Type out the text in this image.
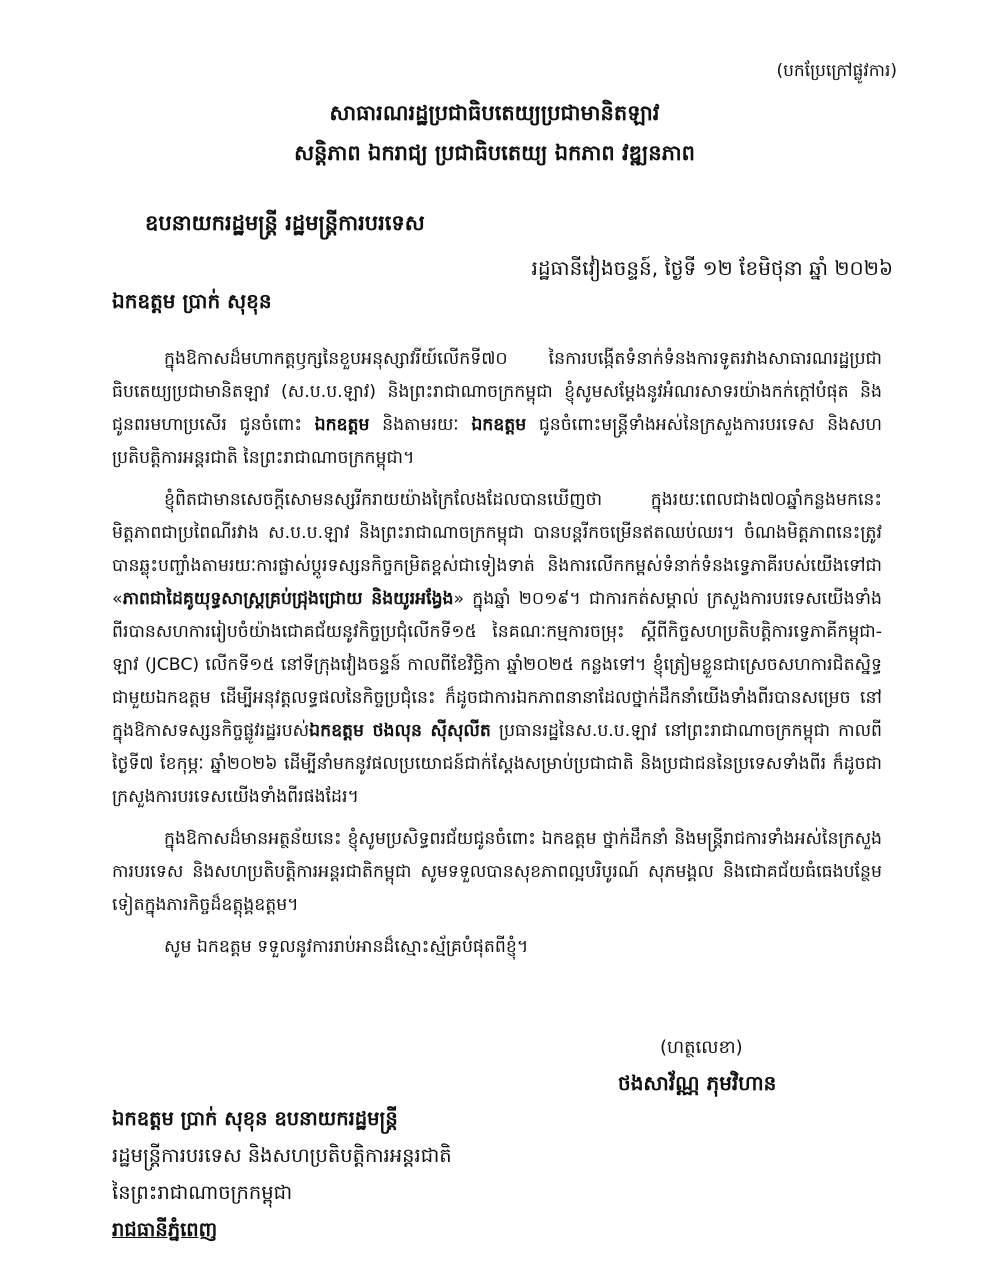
(បកប្រែក្រៅផ្លូវការ)
សាធារណរដ្ឋប្រជាធិបតេយ្យប្រជាមានិតឡាវ
សន្តិភាព ឯករាជ្យ ប្រជាធិបតេយ្យ ឯកភាព វឌ្ឍនភាព
ឧបនាយករដ្ឋមន្ត្រី រដ្ឋមន្ត្រីការបរទេស
រដ្ឋធានីវៀងចន្ទន៍, ថ្ងៃទី ១២ ខែមិថុនា ឆ្នាំ ២០២៦
ឯកឧត្តម ប្រាក់ សុខុន

ក្នុងឱកាសដ៏មហាកត្តឫក្សនៃខួបអនុស្សាវរីយ៍លើកទី៧០ នៃការបង្កើតទំនាក់ទំនងការទូតរវាងសាធារណរដ្ឋប្រជាធិបតេយ្យប្រជាមានិតឡាវ (ស.ប.ប.ឡាវ) និងព្រះរាជាណាចក្រកម្ពុជា ខ្ញុំសូមសម្តែងនូវអំណរសាទរយ៉ាងកក់ក្តៅបំផុត និងជូនពរមហាប្រសើរ ជូនចំពោះ ឯកឧត្តម និងតាមរយៈ ឯកឧត្តម ជូនចំពោះមន្ត្រីទាំងអស់នៃក្រសួងការបរទេស និងសហប្រតិបត្តិការអន្តរជាតិ នៃព្រះរាជាណាចក្រកម្ពុជា។

ខ្ញុំពិតជាមានសេចក្តីសោមនស្សរីករាយយ៉ាងក្រៃលែងដែលបានឃើញថា ក្នុងរយៈពេលជាង៧០ឆ្នាំកន្លងមកនេះ មិត្តភាពជាប្រពៃណីរវាង ស.ប.ប.ឡាវ និងព្រះរាជាណាចក្រកម្ពុជា បានបន្តរីកចម្រើនឥតឈប់ឈរ។ ចំណងមិត្តភាពនេះត្រូវបានឆ្លុះបញ្ចាំងតាមរយៈការផ្លាស់ប្តូរទស្សនកិច្ចកម្រិតខ្ពស់ជាទៀងទាត់ និងការលើកកម្ពស់ទំនាក់ទំនងទ្វេភាគីរបស់យើងទៅជា «ភាពជាដៃគូយុទ្ធសាស្ត្រគ្រប់ជ្រុងជ្រោយ និងយូរអង្វែង» ក្នុងឆ្នាំ ២០១៩។ ជាការកត់សម្គាល់ ក្រសួងការបរទេសយើងទាំងពីរបានសហការរៀបចំយ៉ាងជោគជ័យនូវកិច្ចប្រជុំលើកទី១៥ នៃគណៈកម្មការចម្រុះ ស្តីពីកិច្ចសហប្រតិបត្តិការទ្វេភាគីកម្ពុជា-ឡាវ (JCBC) លើកទី១៥ នៅទីក្រុងវៀងចន្ទន៍ កាលពីខែវិច្ឆិកា ឆ្នាំ២០២៥ កន្លងទៅ។ ខ្ញុំត្រៀមខ្លួនជាស្រេចសហការជិតស្និទ្ធជាមួយឯកឧត្តម ដើម្បីអនុវត្តលទ្ធផលនៃកិច្ចប្រជុំនេះ ក៏ដូចជាការឯកភាពនានាដែលថ្នាក់ដឹកនាំយើងទាំងពីរបានសម្រេច នៅក្នុងឱកាសទស្សនកិច្ចផ្លូវរដ្ឋរបស់ឯកឧត្តម ថងលុន ស៊ីសុលីត ប្រធានរដ្ឋនៃស.ប.ប.ឡាវ នៅព្រះរាជាណាចក្រកម្ពុជា កាលពីថ្ងៃទី៧ ខែកុម្ភៈ ឆ្នាំ២០២៦ ដើម្បីនាំមកនូវផលប្រយោជន៍ជាក់ស្តែងសម្រាប់ប្រជាជាតិ និងប្រជាជននៃប្រទេសទាំងពីរ ក៏ដូចជាក្រសួងការបរទេសយើងទាំងពីរផងដែរ។

ក្នុងឱកាសដ៏មានអត្ថន័យនេះ ខ្ញុំសូមប្រសិទ្ធពរជ័យជូនចំពោះ ឯកឧត្តម ថ្នាក់ដឹកនាំ និងមន្ត្រីរាជការទាំងអស់នៃក្រសួងការបរទេស និងសហប្រតិបត្តិការអន្តរជាតិកម្ពុជា សូមទទួលបានសុខភាពល្អបរិបូរណ៍ សុភមង្គល និងជោគជ័យធំធេងបន្ថែមទៀតក្នុងភារកិច្ចដ៏ឧត្តុង្គឧត្តម។

សូម ឯកឧត្តម ទទួលនូវការរាប់អានដ៏ស្មោះស្ម័គ្របំផុតពីខ្ញុំ។

(ហត្ថលេខា)
ថងសាវ័ណ្ណ ភុមវិហាន
ឯកឧត្តម ប្រាក់ សុខុន ឧបនាយករដ្ឋមន្ត្រី
រដ្ឋមន្ត្រីការបរទេស និងសហប្រតិបត្តិការអន្តរជាតិ
នៃព្រះរាជាណាចក្រកម្ពុជា
រាជធានីភ្នំពេញ
